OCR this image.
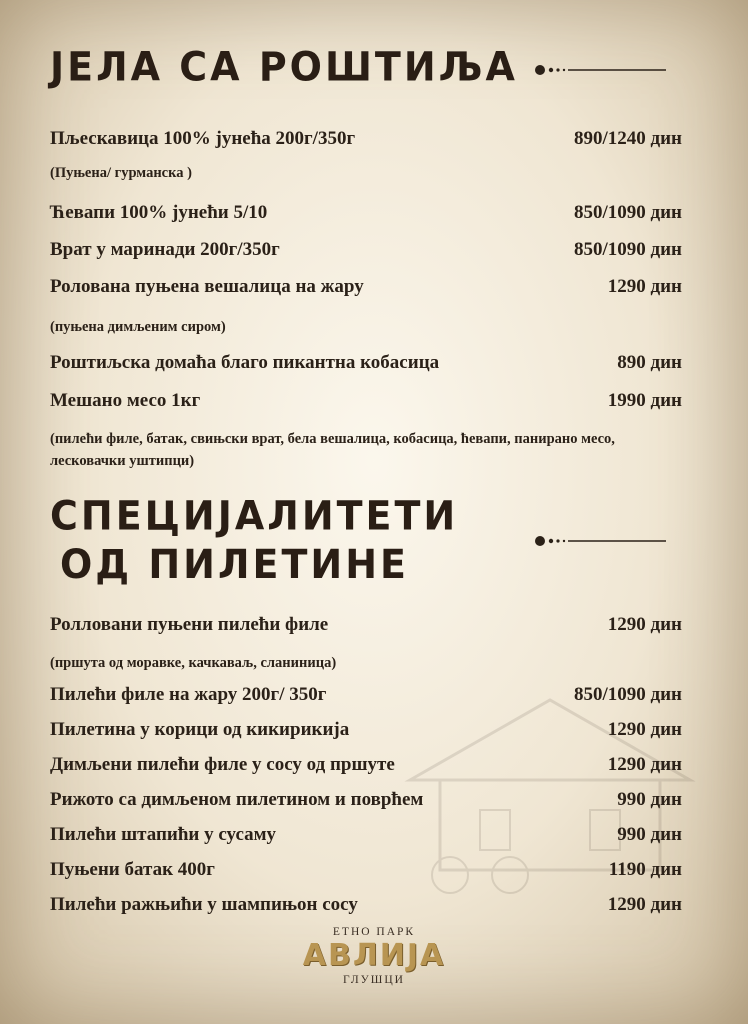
ЈЕЛА СА РОШТИЉА
Пљескавица 100% јунећа 200г/350г	890/1240 дин
(Пуњена/ гурманска )
Ћевапи 100% јунећи 5/10	850/1090 дин
Врат у маринади 200г/350г	850/1090 дин
Ролована пуњена вешалица на жару	1290 дин
(пуњена димљеним сиром)
Роштиљска домаћа благо пикантна кобасица	890 дин
Мешано месо 1кг	1990 дин
(пилећи филе, батак, свињски врат, бела вешалица, кобасица, ћевапи, панирано месо, лесковачки уштипци)
СПЕЦИЈАЛИТЕТИ
ОД ПИЛЕТИНЕ
Ролловани пуњени пилећи филе	1290 дин
(пршута од моравке, качкаваљ, сланиница)
Пилећи филе на жару 200г/ 350г	850/1090 дин
Пилетина у корици од кикирикија	1290 дин
Димљени пилећи филе у сосу од пршуте	1290 дин
Рижото са димљеном пилетином и поврћем	990 дин
Пилећи штапићи у сусаму	990 дин
Пуњени батак 400г	1190 дин
Пилећи ражњићи у шампињон сосу	1290 дин
ЕТНО ПАРК
АВЛИЈА
ГЛУШЦИ
